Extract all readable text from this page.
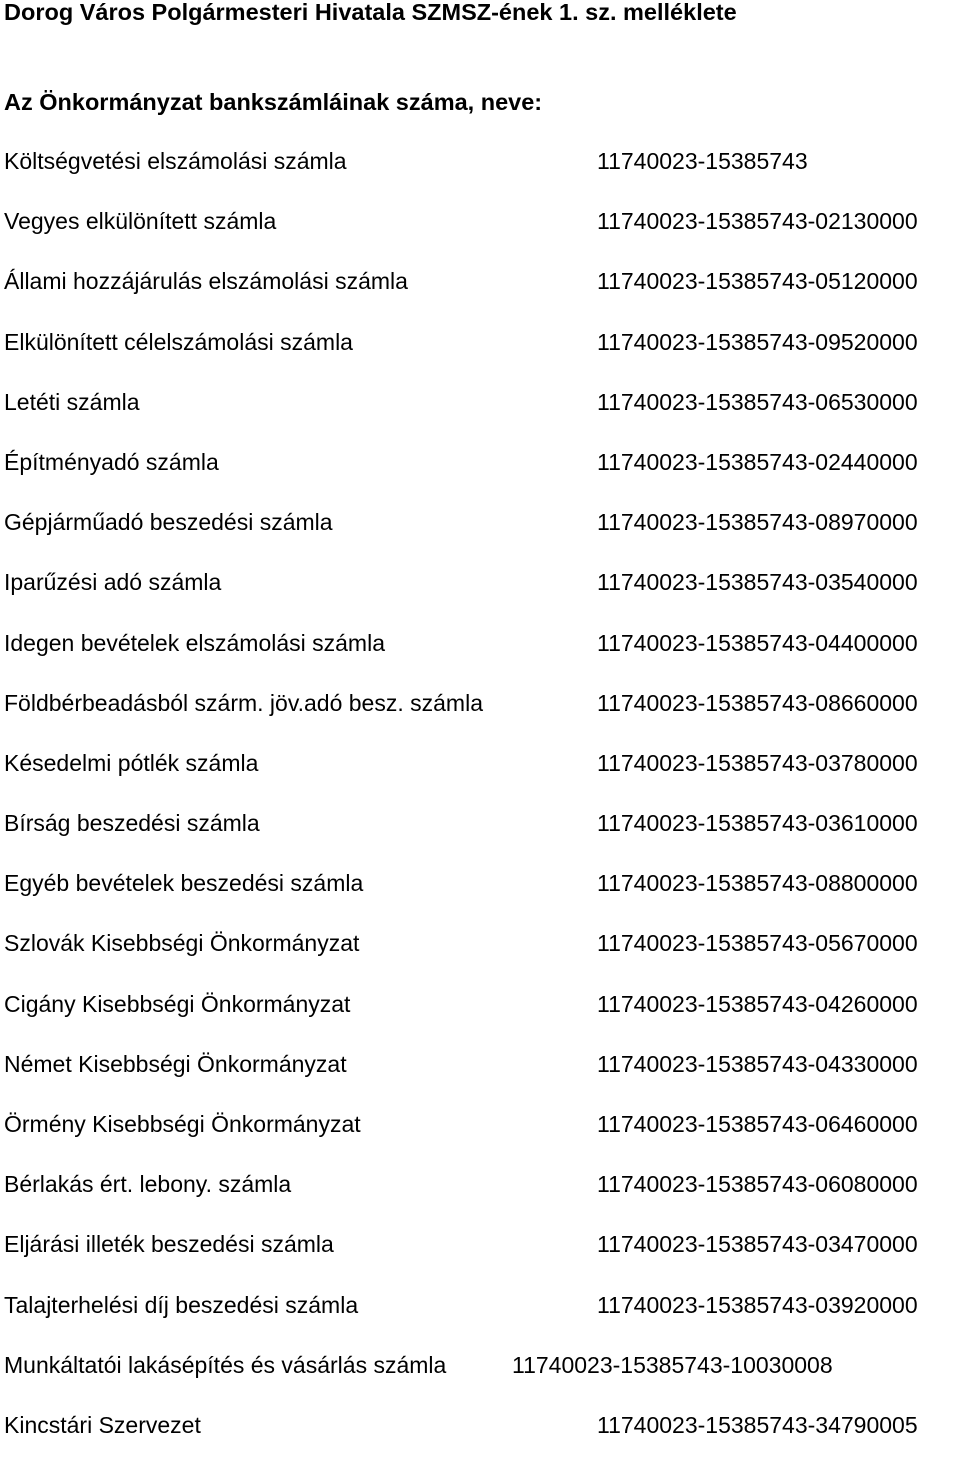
Dorog Város Polgármesteri Hivatala SZMSZ-ének 1. sz. melléklete
Az Önkormányzat bankszámláinak száma, neve:
Költségvetési elszámolási számla	11740023-15385743
Vegyes elkülönített számla	11740023-15385743-02130000
Állami hozzájárulás elszámolási számla	11740023-15385743-05120000
Elkülönített célelszámolási számla	11740023-15385743-09520000
Letéti számla	11740023-15385743-06530000
Építményadó számla	11740023-15385743-02440000
Gépjárműadó beszedési számla	11740023-15385743-08970000
Iparűzési adó számla	11740023-15385743-03540000
Idegen bevételek elszámolási számla	11740023-15385743-04400000
Földbérbeadásból szárm. jöv.adó besz. számla	11740023-15385743-08660000
Késedelmi pótlék számla	11740023-15385743-03780000
Bírság beszedési számla	11740023-15385743-03610000
Egyéb bevételek beszedési számla	11740023-15385743-08800000
Szlovák Kisebbségi Önkormányzat	11740023-15385743-05670000
Cigány Kisebbségi Önkormányzat	11740023-15385743-04260000
Német Kisebbségi Önkormányzat	11740023-15385743-04330000
Örmény Kisebbségi Önkormányzat	11740023-15385743-06460000
Bérlakás ért. lebony. számla	11740023-15385743-06080000
Eljárási illeték beszedési számla	11740023-15385743-03470000
Talajterhelési díj beszedési számla	11740023-15385743-03920000
Munkáltatói lakásépítés és vásárlás számla	11740023-15385743-10030008
Kincstári Szervezet	11740023-15385743-34790005
